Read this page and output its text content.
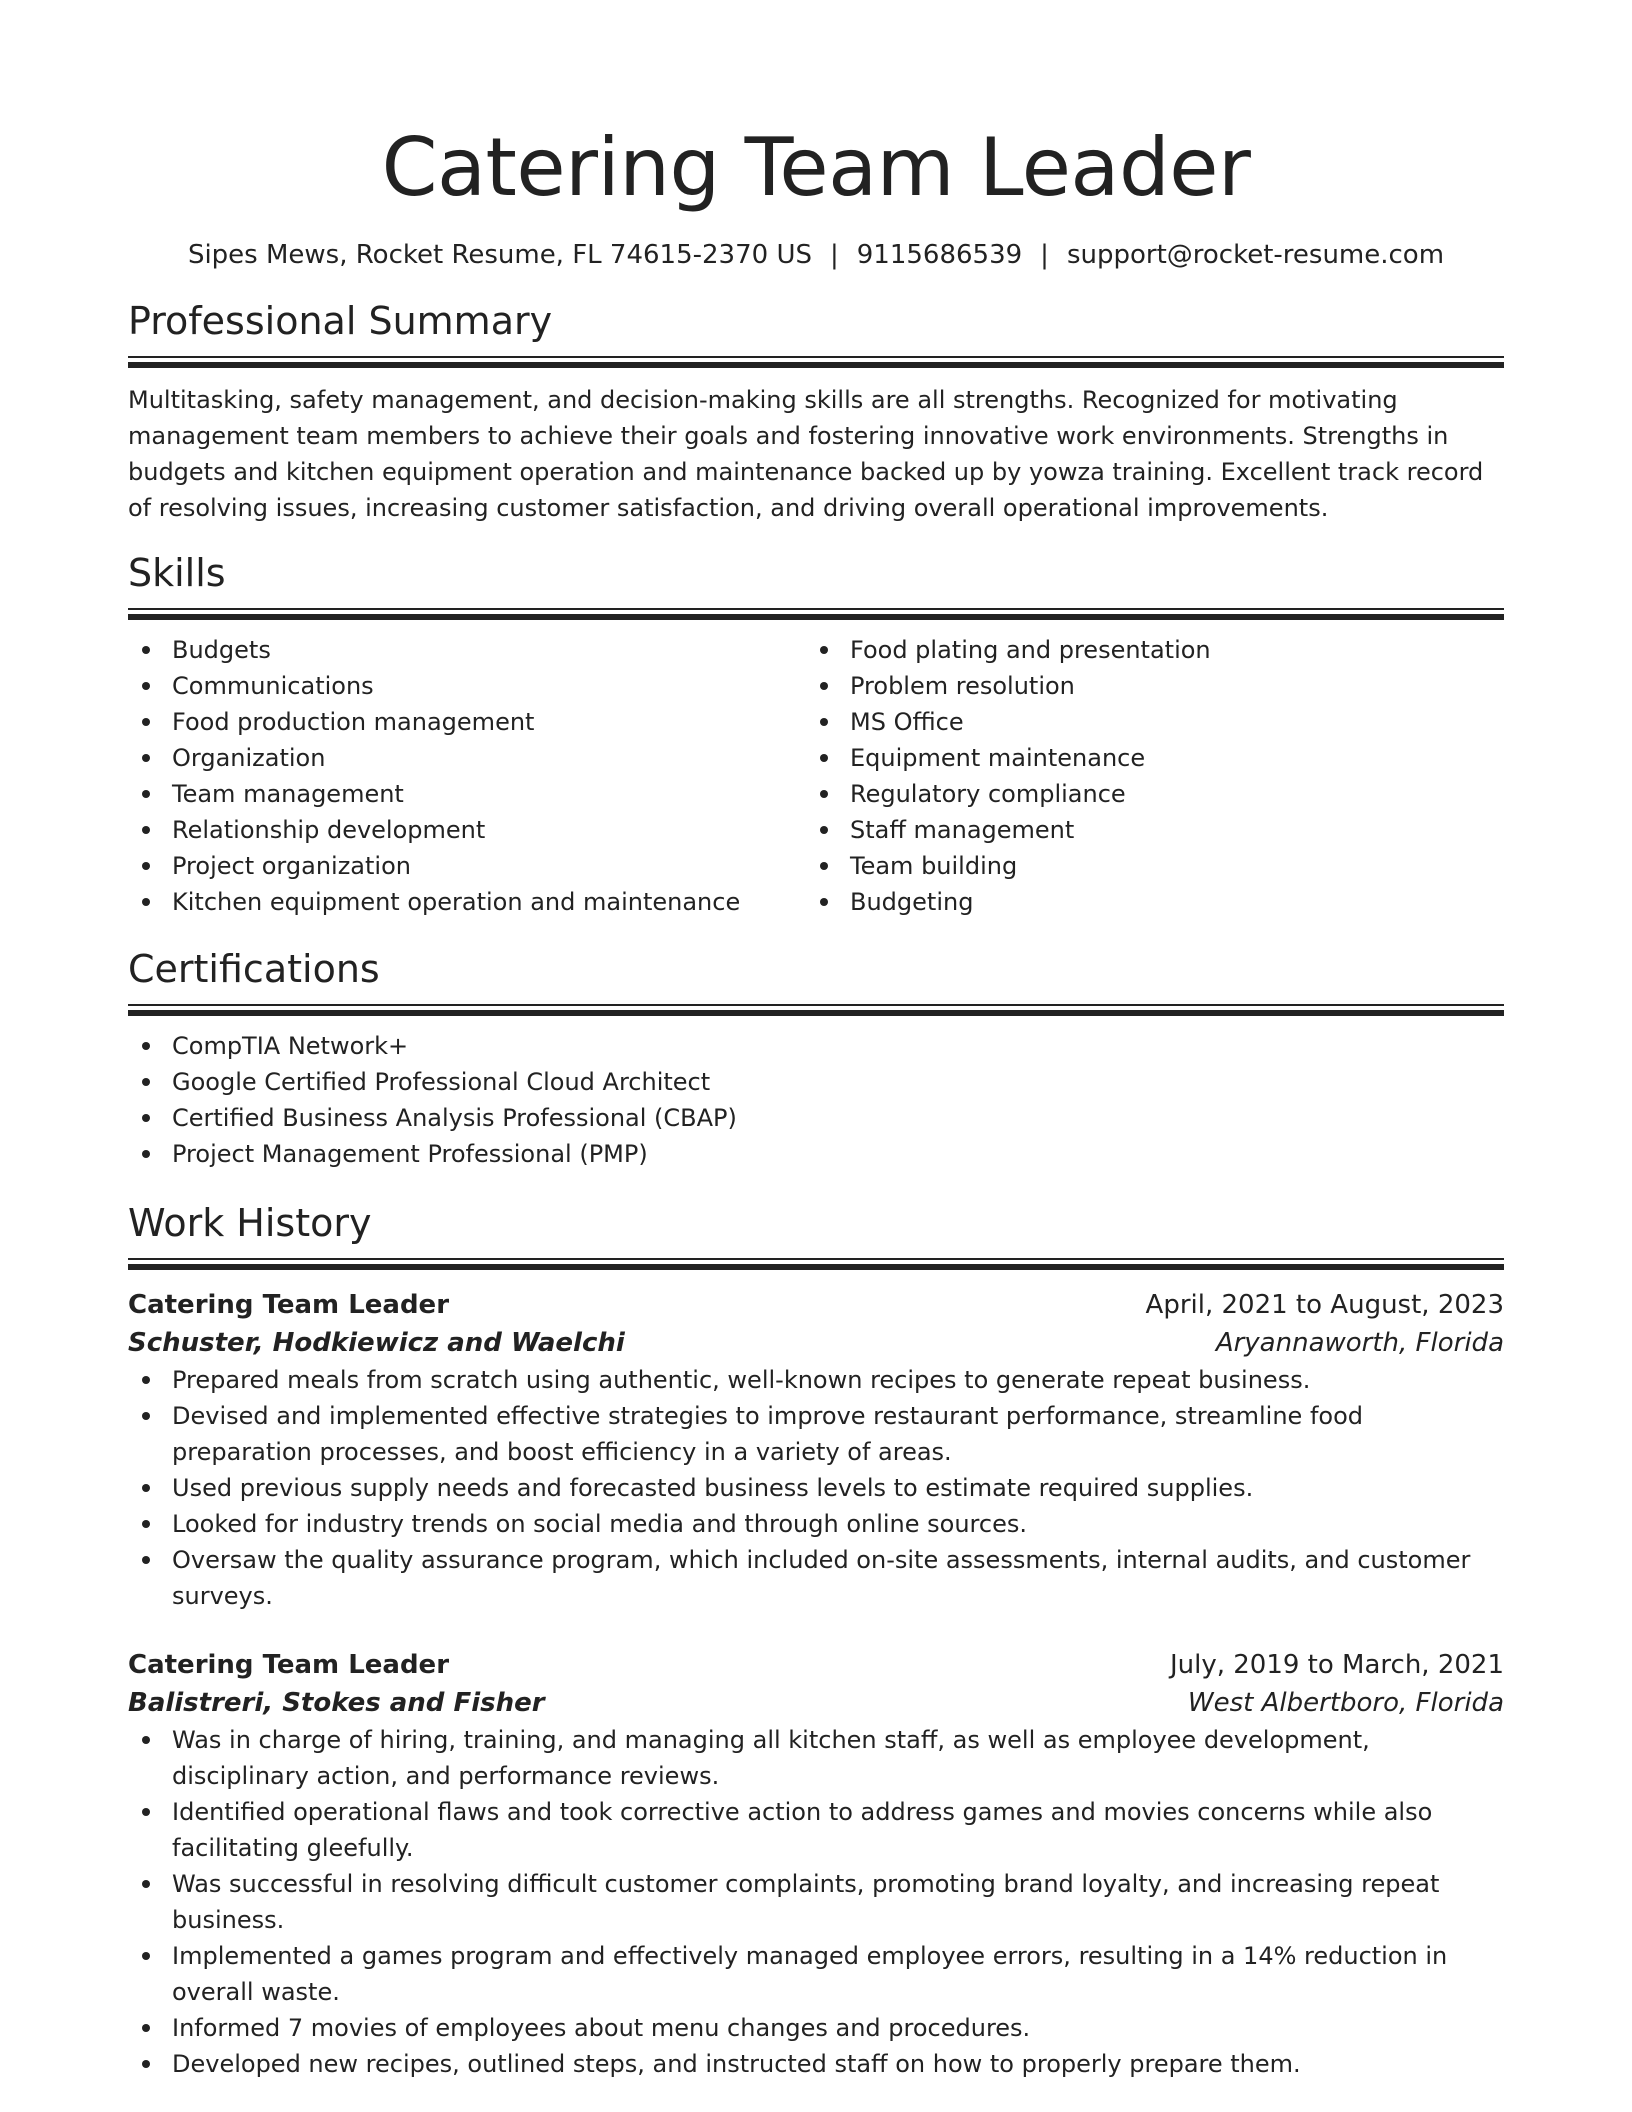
Catering Team Leader
Sipes Mews, Rocket Resume, FL 74615-2370 US | 9115686539 | support@rocket-resume.com
Professional Summary

Multitasking, safety management, and decision-making skills are all strengths. Recognized for motivating management team members to achieve their goals and fostering innovative work environments. Strengths in budgets and kitchen equipment operation and maintenance backed up by yowza training. Excellent track record of resolving issues, increasing customer satisfaction, and driving overall operational improvements.

Skills
Budgets
Communications
Food production management
Organization
Team management
Relationship development
Project organization
Kitchen equipment operation and maintenance
Food plating and presentation
Problem resolution
MS Office
Equipment maintenance
Regulatory compliance
Staff management
Team building
Budgeting
Certifications
CompTIA Network+
Google Certified Professional Cloud Architect
Certified Business Analysis Professional (CBAP)
Project Management Professional (PMP)
Work History
Catering Team Leader	April, 2021 to August, 2023
Schuster, Hodkiewicz and Waelchi	Aryannaworth, Florida
Prepared meals from scratch using authentic, well-known recipes to generate repeat business.
Devised and implemented effective strategies to improve restaurant performance, streamline food preparation processes, and boost efficiency in a variety of areas.
Used previous supply needs and forecasted business levels to estimate required supplies.
Looked for industry trends on social media and through online sources.
Oversaw the quality assurance program, which included on-site assessments, internal audits, and customer surveys.
Catering Team Leader	July, 2019 to March, 2021
Balistreri, Stokes and Fisher	West Albertboro, Florida
Was in charge of hiring, training, and managing all kitchen staff, as well as employee development, disciplinary action, and performance reviews.
Identified operational flaws and took corrective action to address games and movies concerns while also facilitating gleefully.
Was successful in resolving difficult customer complaints, promoting brand loyalty, and increasing repeat business.
Implemented a games program and effectively managed employee errors, resulting in a 14% reduction in overall waste.
Informed 7 movies of employees about menu changes and procedures.
Developed new recipes, outlined steps, and instructed staff on how to properly prepare them.
